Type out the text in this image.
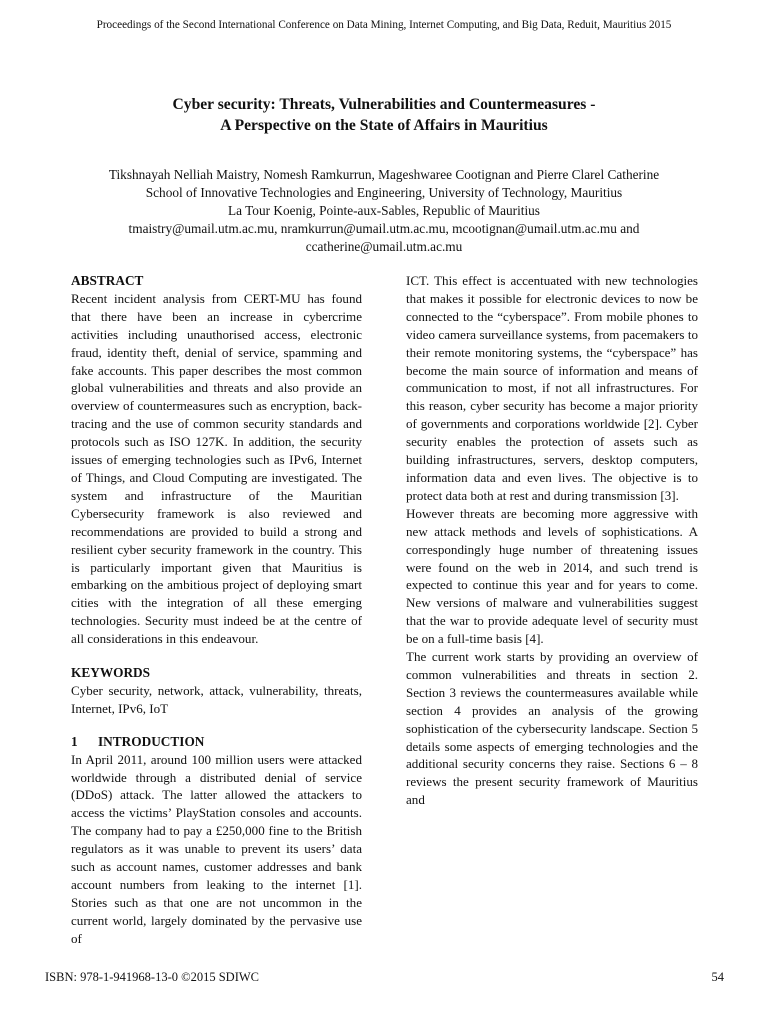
Proceedings of the Second International Conference on Data Mining, Internet Computing, and Big Data, Reduit, Mauritius 2015
Cyber security: Threats, Vulnerabilities and Countermeasures -
A Perspective on the State of Affairs in Mauritius
Tikshnayah Nelliah Maistry, Nomesh Ramkurrun, Mageshwaree Cootignan and Pierre Clarel Catherine
School of Innovative Technologies and Engineering, University of Technology, Mauritius
La Tour Koenig, Pointe-aux-Sables, Republic of Mauritius
tmaistry@umail.utm.ac.mu, nramkurrun@umail.utm.ac.mu, mcootignan@umail.utm.ac.mu and
ccatherine@umail.utm.ac.mu
ABSTRACT

Recent incident analysis from CERT-MU has found that there have been an increase in cybercrime activities including unauthorised access, electronic fraud, identity theft, denial of service, spamming and fake accounts. This paper describes the most common global vulnerabilities and threats and also provide an overview of countermeasures such as encryption, back-tracing and the use of common security standards and protocols such as ISO 127K. In addition, the security issues of emerging technologies such as IPv6, Internet of Things, and Cloud Computing are investigated. The system and infrastructure of the Mauritian Cybersecurity framework is also reviewed and recommendations are provided to build a strong and resilient cyber security framework in the country. This is particularly important given that Mauritius is embarking on the ambitious project of deploying smart cities with the integration of all these emerging technologies. Security must indeed be at the centre of all considerations in this endeavour.

KEYWORDS

Cyber security, network, attack, vulnerability, threats, Internet, IPv6, IoT

1 INTRODUCTION

In April 2011, around 100 million users were attacked worldwide through a distributed denial of service (DDoS) attack. The latter allowed the attackers to access the victims’ PlayStation consoles and accounts. The company had to pay a £250,000 fine to the British regulators as it was unable to prevent its users’ data such as account names, customer addresses and bank account numbers from leaking to the internet [1]. Stories such as that one are not uncommon in the current world, largely dominated by the pervasive use of

ICT. This effect is accentuated with new technologies that makes it possible for electronic devices to now be connected to the “cyberspace”. From mobile phones to video camera surveillance systems, from pacemakers to their remote monitoring systems, the “cyberspace” has become the main source of information and means of communication to most, if not all infrastructures. For this reason, cyber security has become a major priority of governments and corporations worldwide [2]. Cyber security enables the protection of assets such as building infrastructures, servers, desktop computers, information data and even lives. The objective is to protect data both at rest and during transmission [3].

However threats are becoming more aggressive with new attack methods and levels of sophistications. A correspondingly huge number of threatening issues were found on the web in 2014, and such trend is expected to continue this year and for years to come. New versions of malware and vulnerabilities suggest that the war to provide adequate level of security must be on a full-time basis [4].

The current work starts by providing an overview of common vulnerabilities and threats in section 2. Section 3 reviews the countermeasures available while section 4 provides an analysis of the growing sophistication of the cybersecurity landscape. Section 5 details some aspects of emerging technologies and the additional security concerns they raise. Sections 6 – 8 reviews the present security framework of Mauritius and

ISBN: 978-1-941968-13-0 ©2015 SDIWC	54
